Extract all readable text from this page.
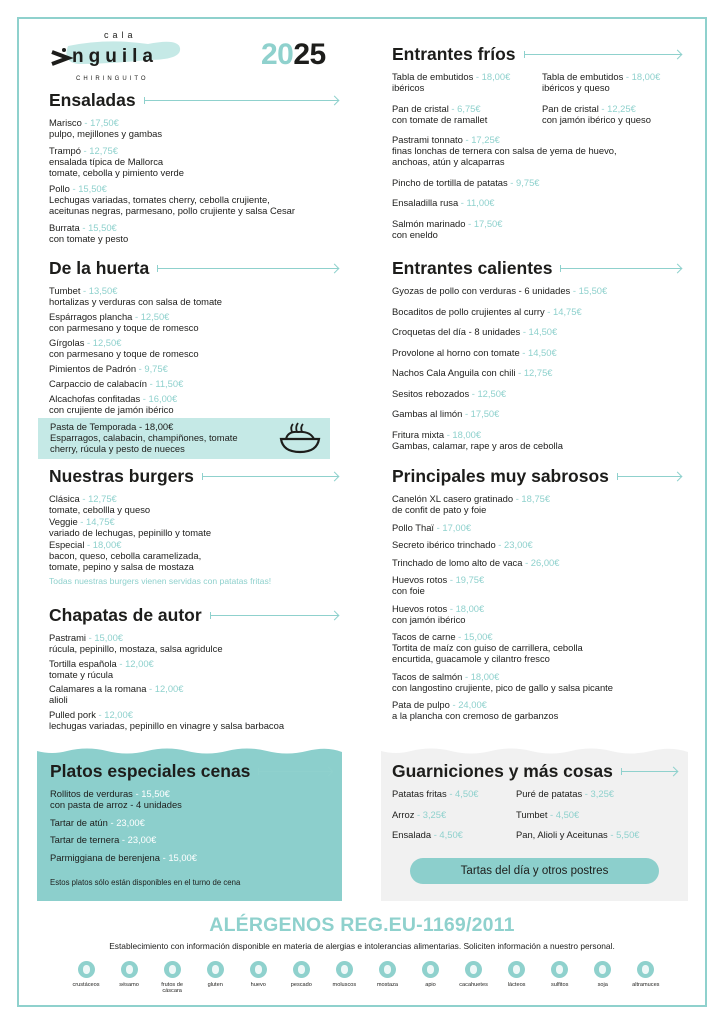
cala
nguila
CHIRINGUITO
2025
Ensaladas
Marisco - 17,50€
pulpo, mejillones y gambas
Trampó - 12,75€
ensalada típica de Mallorca
tomate, cebolla y pimiento verde
Pollo - 15,50€
Lechugas variadas, tomates cherry, cebolla crujiente,
aceitunas negras, parmesano, pollo crujiente y salsa Cesar
Burrata - 15,50€
con tomate y pesto
De la huerta
Tumbet - 13,50€
hortalizas y verduras con salsa de tomate
Espárragos plancha - 12,50€
con parmesano y toque de romesco
Gírgolas - 12,50€
con parmesano y toque de romesco
Pimientos de Padrón - 9,75€
Carpaccio de calabacín - 11,50€
Alcachofas confitadas - 16,00€
con crujiente de jamón ibérico
Pasta de Temporada - 18,00€
Esparragos, calabacin, champiñones, tomate
cherry, rúcula y pesto de nueces
Nuestras burgers
Clásica - 12,75€
tomate, cebollla y queso
Veggie - 14,75€
variado de lechugas, pepinillo y tomate
Especial - 18,00€
bacon, queso, cebolla caramelizada,
tomate, pepino y salsa de mostaza
Todas nuestras burgers vienen servidas con patatas fritas!
Chapatas de autor
Pastrami - 15,00€
rúcula, pepinillo, mostaza, salsa agridulce
Tortilla española - 12,00€
tomate y rúcula
Calamares a la romana - 12,00€
alioli
Pulled pork - 12,00€
lechugas variadas, pepinillo en vinagre y salsa barbacoa
Platos especiales cenas
Rollitos de verduras - 15,50€
con pasta de arroz - 4 unidades
Tartar de atún - 23,00€
Tartar de ternera - 23,00€
Parmiggiana de berenjena - 15,00€
Estos platos sólo están disponibles en el turno de cena
Entrantes fríos
Tabla de embutidos - 18,00€
ibéricos
Tabla de embutidos - 18,00€
ibéricos y queso
Pan de cristal - 6,75€
con tomate de ramallet
Pan de cristal - 12,25€
con jamón ibérico y queso
Pastrami tonnato - 17,25€
finas lonchas de ternera con salsa de yema de huevo,
anchoas, atún y alcaparras
Pincho de tortilla de patatas - 9,75€
Ensaladilla rusa - 11,00€
Salmón marinado - 17,50€
con eneldo
Entrantes calientes
Gyozas de pollo con verduras - 6 unidades - 15,50€
Bocaditos de pollo crujientes al curry - 14,75€
Croquetas del día - 8 unidades - 14,50€
Provolone al horno con tomate - 14,50€
Nachos Cala Anguila con chili - 12,75€
Sesitos rebozados - 12,50€
Gambas al limón - 17,50€
Fritura mixta - 18,00€
Gambas, calamar, rape y aros de cebolla
Principales muy sabrosos
Canelón XL casero gratinado - 18,75€
de confit de pato y foie
Pollo Thaï - 17,00€
Secreto ibérico trinchado - 23,00€
Trinchado de lomo alto de vaca - 26,00€
Huevos rotos - 19,75€
con foie
Huevos rotos - 18,00€
con jamón ibérico
Tacos de carne - 15,00€
Tortita de maíz con guiso de carrillera, cebolla
encurtida, guacamole y cilantro fresco
Tacos de salmón - 18,00€
con langostino crujiente, pico de gallo y salsa picante
Pata de pulpo - 24,00€
a la plancha con cremoso de garbanzos
Guarniciones y más cosas
Patatas fritas - 4,50€	Puré de patatas - 3,25€
Arroz - 3,25€	Tumbet - 4,50€
Ensalada - 4,50€	Pan, Alioli y Aceitunas - 5,50€
Tartas del día y otros postres
ALÉRGENOS REG.EU-1169/2011
Establecimiento con información disponible en materia de alergias e intolerancias alimentarias. Soliciten información a nuestro personal.
crustáceos	sésamo	frutos de cáscara
gluten	huevo	pescado	moluscos	mostaza	apio	cacahuetes	lácteos	sulfitos	soja	altramuces
